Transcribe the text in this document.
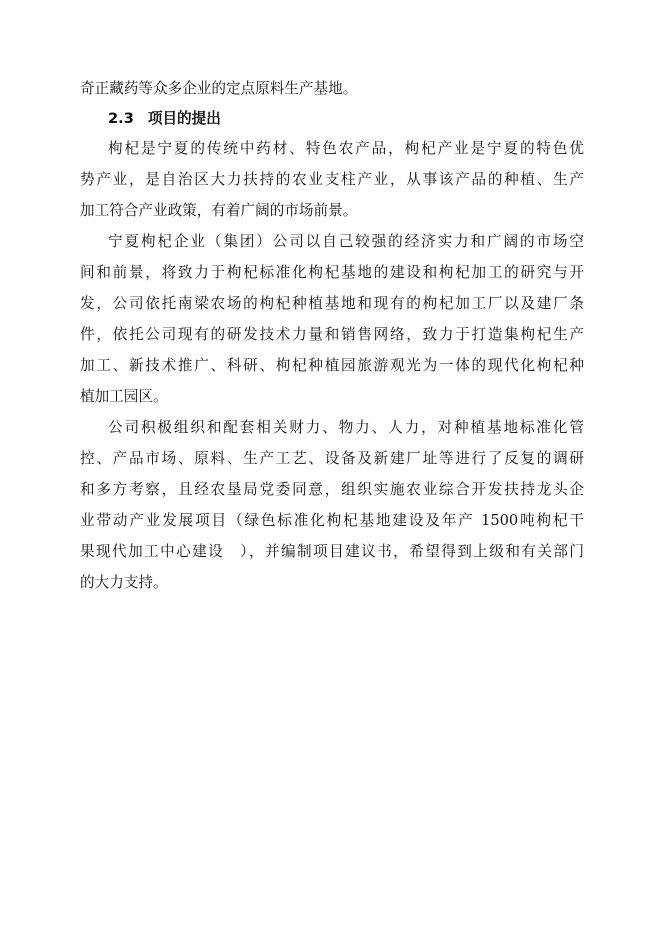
奇正藏药等众多企业的定点原料生产基地。
2.3 项目的提出
枸杞是宁夏的传统中药材、特色农产品，枸杞产业是宁夏的特色优
势产业，是自治区大力扶持的农业支柱产业，从事该产品的种植、生产
加工符合产业政策，有着广阔的市场前景。
宁夏枸杞企业（集团）公司以自己较强的经济实力和广阔的市场空
间和前景，将致力于枸杞标准化枸杞基地的建设和枸杞加工的研究与开
发，公司依托南梁农场的枸杞种植基地和现有的枸杞加工厂以及建厂条
件，依托公司现有的研发技术力量和销售网络，致力于打造集枸杞生产
加工、新技术推广、科研、枸杞种植园旅游观光为一体的现代化枸杞种
植加工园区。
公司积极组织和配套相关财力、物力、人力，对种植基地标准化管
控、产品市场、原料、生产工艺、设备及新建厂址等进行了反复的调研
和多方考察，且经农垦局党委同意，组织实施农业综合开发扶持龙头企
业带动产业发展项目（绿色标准化枸杞基地建设及年产 1500吨枸杞干
果现代加工中心建设　），并编制项目建议书，希望得到上级和有关部门
的大力支持。
